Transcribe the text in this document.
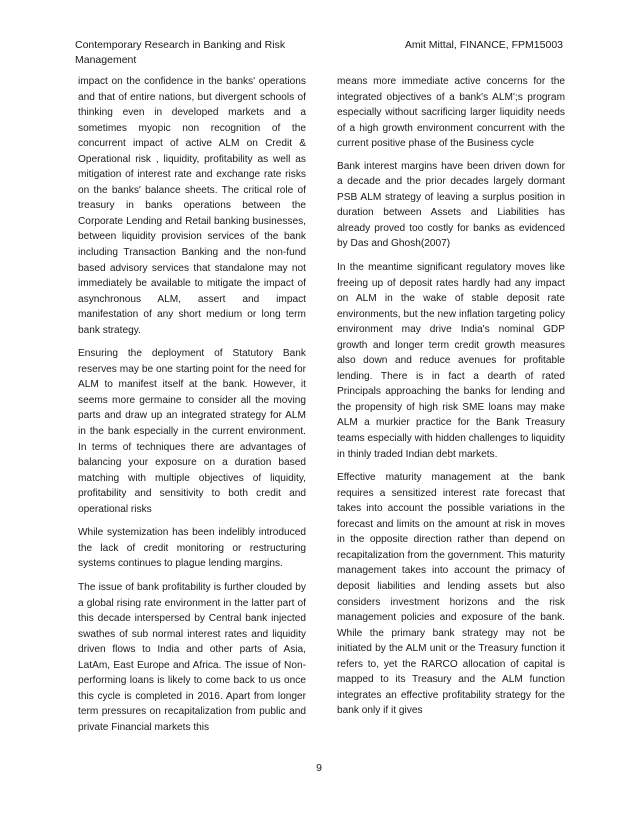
Contemporary Research in Banking and Risk Management
Amit Mittal, FINANCE, FPM15003

impact on the confidence in the banks' operations and that of entire nations, but divergent schools of thinking even in developed markets and a sometimes myopic non recognition of the concurrent impact of active ALM on Credit & Operational risk , liquidity, profitability as well as mitigation of interest rate and exchange rate risks on the banks' balance sheets. The critical role of treasury in banks operations between the Corporate Lending and Retail banking businesses, between liquidity provision services of the bank including Transaction Banking and the non-fund based advisory services that standalone may not immediately be available to mitigate the impact of asynchronous ALM, assert and impact manifestation of any short medium or long term bank strategy.

Ensuring the deployment of Statutory Bank reserves may be one starting point for the need for ALM to manifest itself at the bank. However, it seems more germaine to consider all the moving parts and draw up an integrated strategy for ALM in the bank especially in the current environment. In terms of techniques there are advantages of balancing your exposure on a duration based matching with multiple objectives of liquidity, profitability and sensitivity to both credit and operational risks

While systemization has been indelibly introduced the lack of credit monitoring or restructuring systems continues to plague lending margins.

The issue of bank profitability is further clouded by a global rising rate environment in the latter part of this decade interspersed by Central bank injected swathes of sub normal interest rates and liquidity driven flows to India and other parts of Asia, LatAm, East Europe and Africa. The issue of Non-performing loans is likely to come back to us once this cycle is completed in 2016. Apart from longer term pressures on recapitalization from public and private Financial markets this

means more immediate active concerns for the integrated objectives of a bank's ALM';s program especially without sacrificing larger liquidity needs of a high growth environment concurrent with the current positive phase of the Business cycle

Bank interest margins have been driven down for a decade and the prior decades largely dormant PSB ALM strategy of leaving a surplus position in duration between Assets and Liabilities has already proved too costly for banks as evidenced by Das and Ghosh(2007)

In the meantime significant regulatory moves like freeing up of deposit rates hardly had any impact on ALM in the wake of stable deposit rate environments, but the new inflation targeting policy environment may drive India's nominal GDP growth and longer term credit growth measures also down and reduce avenues for profitable lending. There is in fact a dearth of rated Principals approaching the banks for lending and the propensity of high risk SME loans may make ALM a murkier practice for the Bank Treasury teams especially with hidden challenges to liquidity in thinly traded Indian debt markets.

Effective maturity management at the bank requires a sensitized interest rate forecast that takes into account the possible variations in the forecast and limits on the amount at risk in moves in the opposite direction rather than depend on recapitalization from the government. This maturity management takes into account the primacy of deposit liabilities and lending assets but also considers investment horizons and the risk management policies and exposure of the bank. While the primary bank strategy may not be initiated by the ALM unit or the Treasury function it refers to, yet the RARCO allocation of capital is mapped to its Treasury and the ALM function integrates an effective profitability strategy for the bank only if it gives

9
